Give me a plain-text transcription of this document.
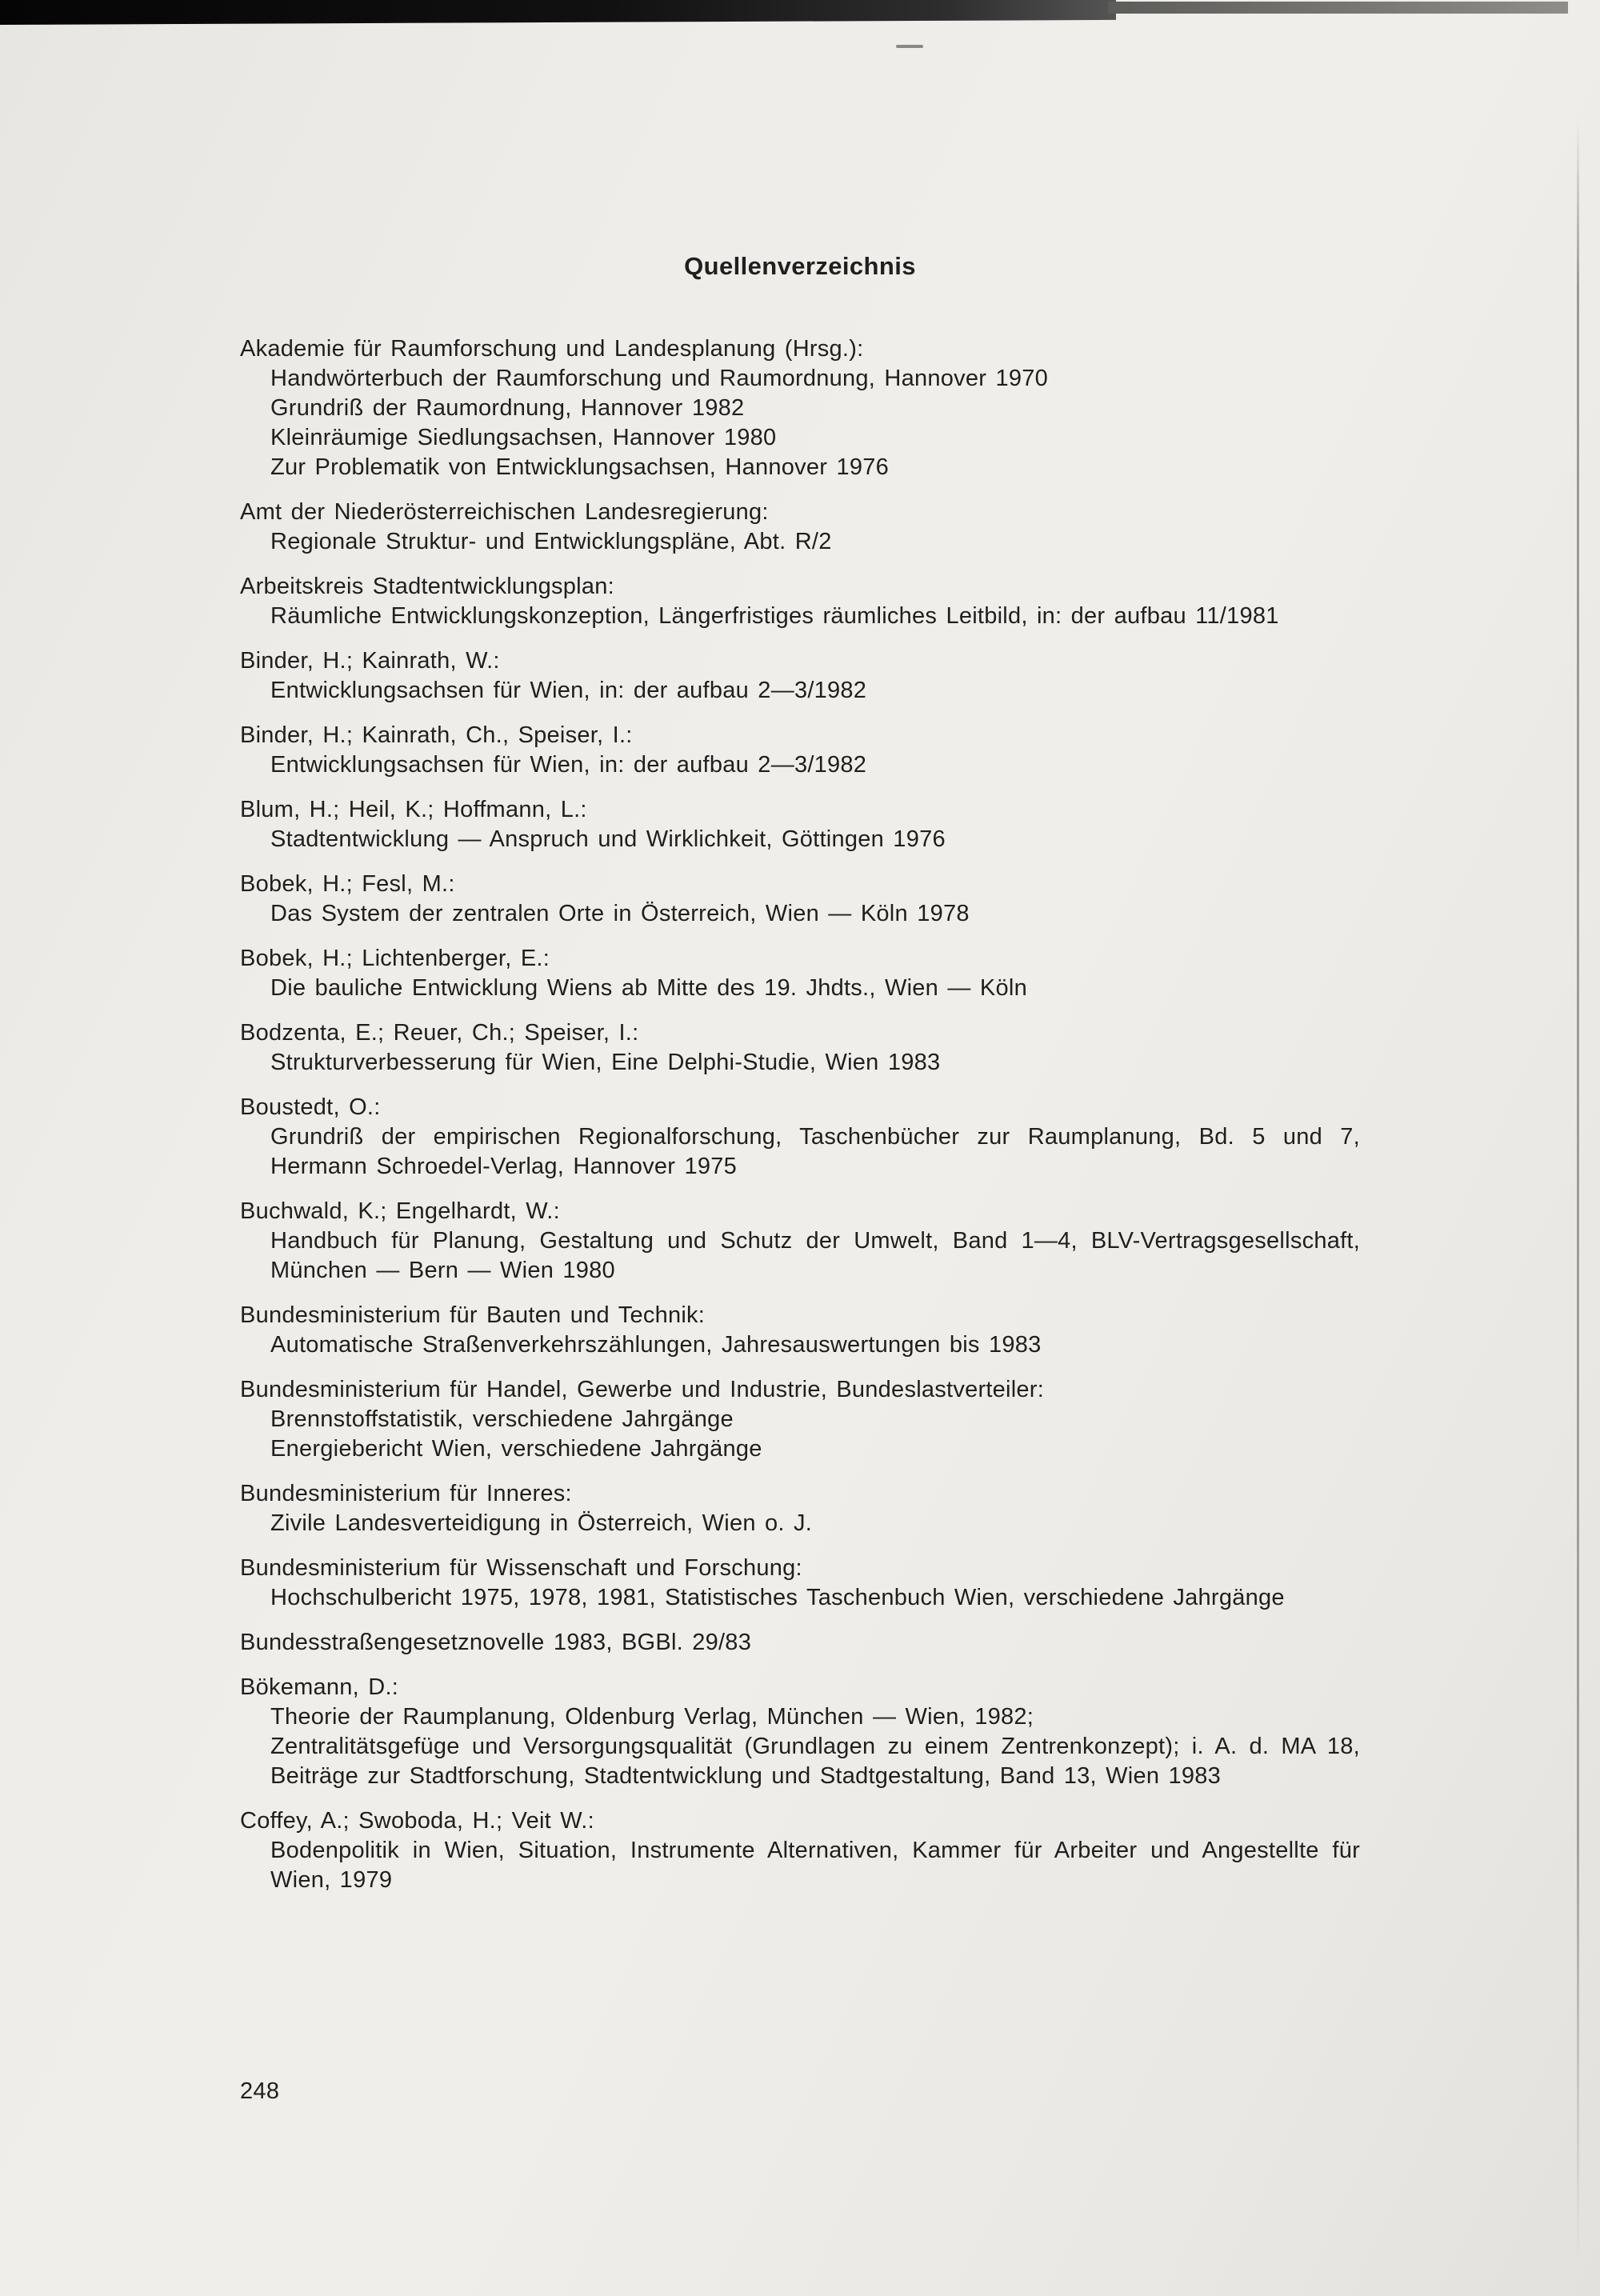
Quellenverzeichnis
Akademie für Raumforschung und Landesplanung (Hrsg.):
Handwörterbuch der Raumforschung und Raumordnung, Hannover 1970
Grundriß der Raumordnung, Hannover 1982
Kleinräumige Siedlungsachsen, Hannover 1980
Zur Problematik von Entwicklungsachsen, Hannover 1976
Amt der Niederösterreichischen Landesregierung:
Regionale Struktur- und Entwicklungspläne, Abt. R/2
Arbeitskreis Stadtentwicklungsplan:
Räumliche Entwicklungskonzeption, Längerfristiges räumliches Leitbild, in: der aufbau 11/1981
Binder, H.; Kainrath, W.:
Entwicklungsachsen für Wien, in: der aufbau 2—3/1982
Binder, H.; Kainrath, Ch., Speiser, I.:
Entwicklungsachsen für Wien, in: der aufbau 2—3/1982
Blum, H.; Heil, K.; Hoffmann, L.:
Stadtentwicklung — Anspruch und Wirklichkeit, Göttingen 1976
Bobek, H.; Fesl, M.:
Das System der zentralen Orte in Österreich, Wien — Köln 1978
Bobek, H.; Lichtenberger, E.:
Die bauliche Entwicklung Wiens ab Mitte des 19. Jhdts., Wien — Köln
Bodzenta, E.; Reuer, Ch.; Speiser, I.:
Strukturverbesserung für Wien, Eine Delphi-Studie, Wien 1983
Boustedt, O.:
Grundriß der empirischen Regionalforschung, Taschenbücher zur Raumplanung, Bd. 5 und 7, Hermann Schroedel-Verlag, Hannover 1975
Buchwald, K.; Engelhardt, W.:
Handbuch für Planung, Gestaltung und Schutz der Umwelt, Band 1—4, BLV-Vertragsgesellschaft, München — Bern — Wien 1980
Bundesministerium für Bauten und Technik:
Automatische Straßenverkehrszählungen, Jahresauswertungen bis 1983
Bundesministerium für Handel, Gewerbe und Industrie, Bundeslastverteiler:
Brennstoffstatistik, verschiedene Jahrgänge
Energiebericht Wien, verschiedene Jahrgänge
Bundesministerium für Inneres:
Zivile Landesverteidigung in Österreich, Wien o. J.
Bundesministerium für Wissenschaft und Forschung:
Hochschulbericht 1975, 1978, 1981, Statistisches Taschenbuch Wien, verschiedene Jahrgänge
Bundesstraßengesetznovelle 1983, BGBl. 29/83
Bökemann, D.:
Theorie der Raumplanung, Oldenburg Verlag, München — Wien, 1982;
Zentralitätsgefüge und Versorgungsqualität (Grundlagen zu einem Zentrenkonzept); i. A. d. MA 18, Beiträge zur Stadtforschung, Stadtentwicklung und Stadtgestaltung, Band 13, Wien 1983
Coffey, A.; Swoboda, H.; Veit W.:
Bodenpolitik in Wien, Situation, Instrumente Alternativen, Kammer für Arbeiter und Angestellte für Wien, 1979
248
